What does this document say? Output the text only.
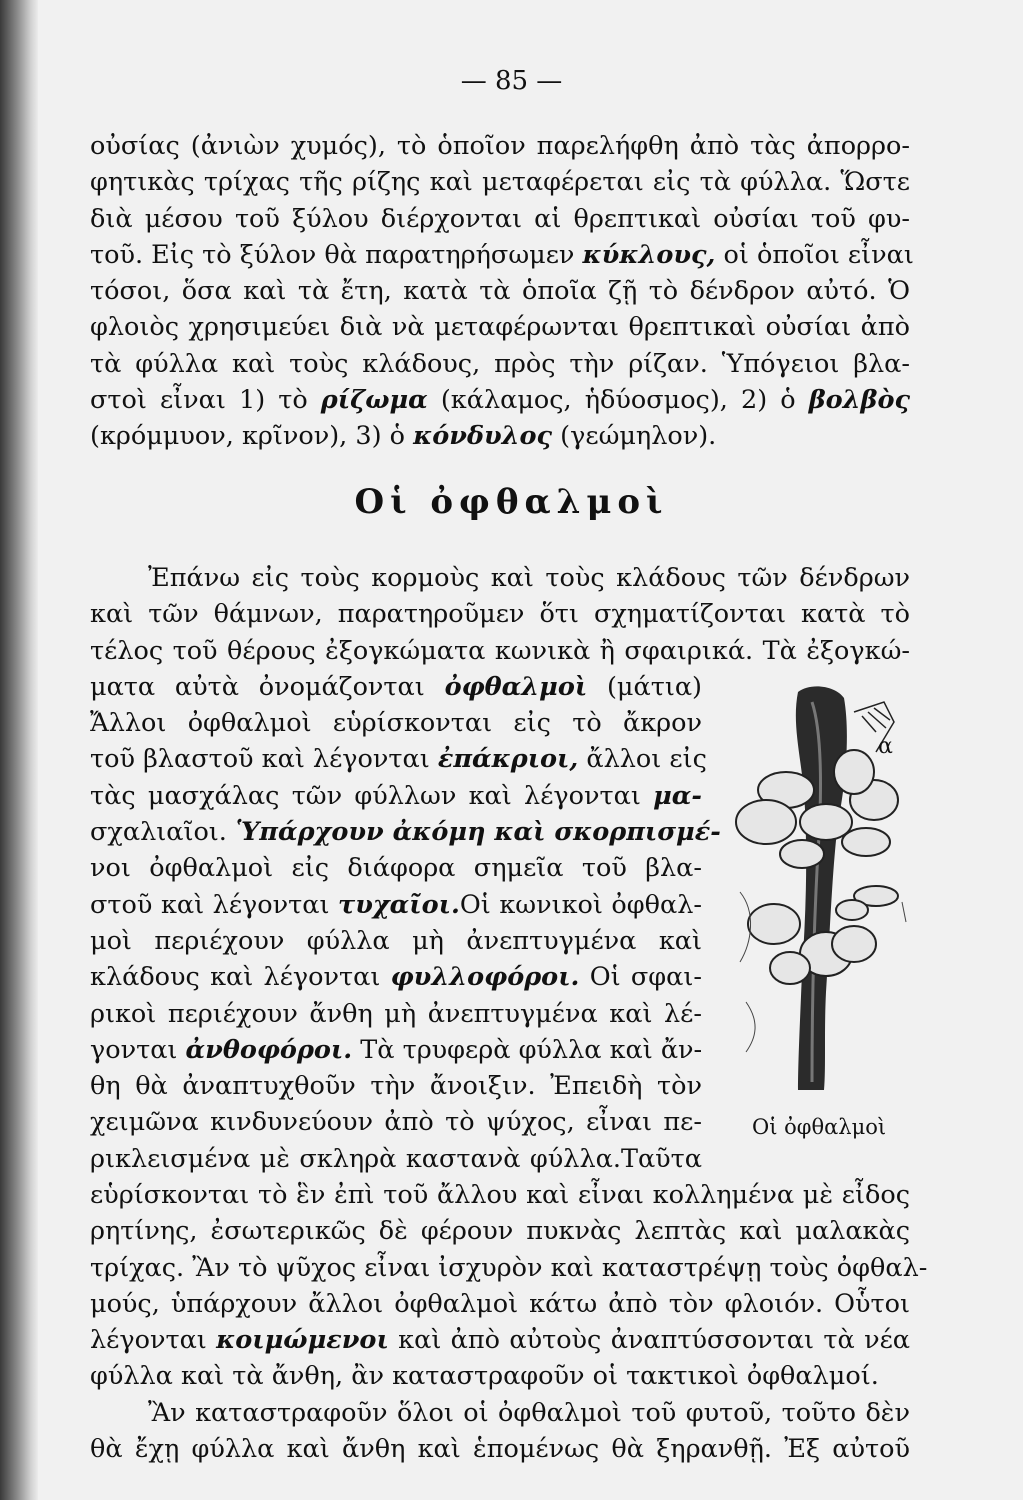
— 85 —
οὐσίας (ἀνιὼν χυμός), τὸ ὁποῖον παρελήφθη ἀπὸ τὰς ἀπορρο-
φητικὰς τρίχας τῆς ρίζης καὶ μεταφέρεται εἰς τὰ φύλλα. Ὥστε
διὰ μέσου τοῦ ξύλου διέρχονται αἱ θρεπτικαὶ οὐσίαι τοῦ φυ-
τοῦ. Εἰς τὸ ξύλον θὰ παρατηρήσωμεν κύκλους, οἱ ὁποῖοι εἶναι
τόσοι, ὅσα καὶ τὰ ἔτη, κατὰ τὰ ὁποῖα ζῇ τὸ δένδρον αὐτό. Ὁ
φλοιὸς χρησιμεύει διὰ νὰ μεταφέρωνται θρεπτικαὶ οὐσίαι ἀπὸ
τὰ φύλλα καὶ τοὺς κλάδους, πρὸς τὴν ρίζαν. Ὑπόγειοι βλα-
στοὶ εἶναι 1) τὸ ρίζωμα (κάλαμος, ἡδύοσμος), 2) ὁ βολβὸς
(κρόμμυον, κρῖνον), 3) ὁ κόνδυλος (γεώμηλον).
Οἱ ὀφθαλμοὶ
Ἐπάνω εἰς τοὺς κορμοὺς καὶ τοὺς κλάδους τῶν δένδρων
καὶ τῶν θάμνων, παρατηροῦμεν ὅτι σχηματίζονται κατὰ τὸ
τέλος τοῦ θέρους ἐξογκώματα κωνικὰ ἢ σφαιρικά. Τὰ ἐξογκώ-
ματα αὐτὰ ὀνομάζονται ὀφθαλμοὶ (μάτια)
Ἄλλοι ὀφθαλμοὶ εὑρίσκονται εἰς τὸ ἄκρον
τοῦ βλαστοῦ καὶ λέγονται ἐπάκριοι, ἄλλοι εἰς
τὰς μασχάλας τῶν φύλλων καὶ λέγονται μα-
σχαλιαῖοι. Ὑπάρχουν ἀκόμη καὶ σκορπισμέ-
νοι ὀφθαλμοὶ εἰς διάφορα σημεῖα τοῦ βλα-
στοῦ καὶ λέγονται τυχαῖοι.Οἱ κωνικοὶ ὀφθαλ-
μοὶ περιέχουν φύλλα μὴ ἀνεπτυγμένα καὶ
κλάδους καὶ λέγονται φυλλοφόροι. Οἱ σφαι-
ρικοὶ περιέχουν ἄνθη μὴ ἀνεπτυγμένα καὶ λέ-
γονται ἀνθοφόροι. Τὰ τρυφερὰ φύλλα καὶ ἄν-
θη θὰ ἀναπτυχθοῦν τὴν ἄνοιξιν. Ἐπειδὴ τὸν
χειμῶνα κινδυνεύουν ἀπὸ τὸ ψύχος, εἶναι πε-
ρικλεισμένα μὲ σκληρὰ καστανὰ φύλλα.Ταῦτα
εὑρίσκονται τὸ ἓν ἐπὶ τοῦ ἄλλου καὶ εἶναι κολλημένα μὲ εἶδος
ρητίνης, ἐσωτερικῶς δὲ φέρουν πυκνὰς λεπτὰς καὶ μαλακὰς
τρίχας. Ἂν τὸ ψῦχος εἶναι ἰσχυρὸν καὶ καταστρέψῃ τοὺς ὀφθαλ-
μούς, ὑπάρχουν ἄλλοι ὀφθαλμοὶ κάτω ἀπὸ τὸν φλοιόν. Οὗτοι
λέγονται κοιμώμενοι καὶ ἀπὸ αὐτοὺς ἀναπτύσσονται τὰ νέα
φύλλα καὶ τὰ ἄνθη, ἂν καταστραφοῦν οἱ τακτικοὶ ὀφθαλμοί.
Ἂν καταστραφοῦν ὅλοι οἱ ὀφθαλμοὶ τοῦ φυτοῦ, τοῦτο δὲν
θὰ ἔχῃ φύλλα καὶ ἄνθη καὶ ἑπομένως θὰ ξηρανθῇ. Ἐξ αὐτοῦ
α
Οἱ ὀφθαλμοὶ
